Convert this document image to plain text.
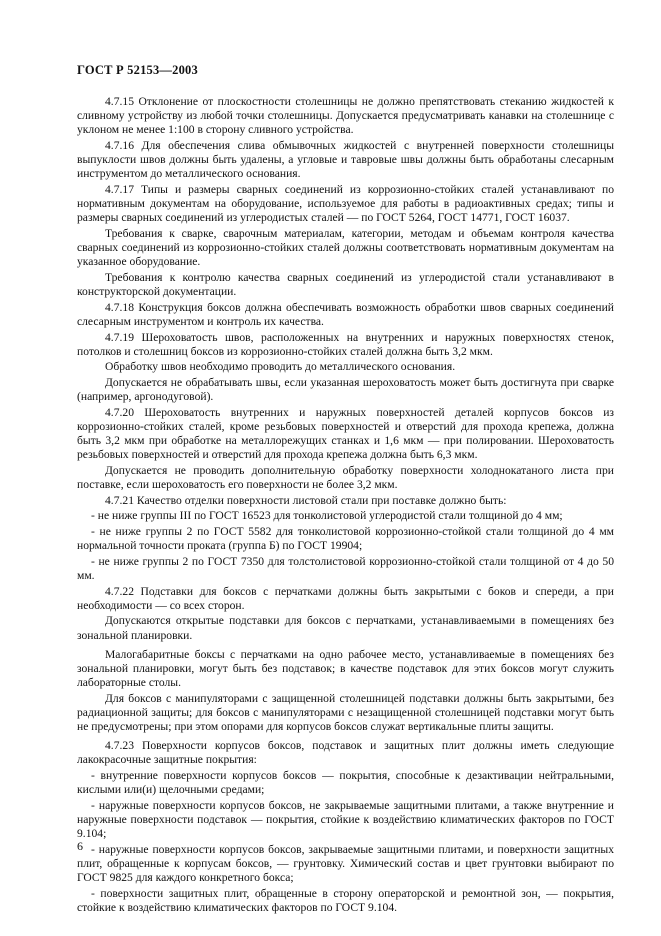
ГОСТ Р 52153—2003

4.7.15 Отклонение от плоскостности столешницы не должно препятствовать стеканию жидкостей к сливному устройству из любой точки столешницы. Допускается предусматривать канавки на столешнице с уклоном не менее 1:100 в сторону сливного устройства.

4.7.16 Для обеспечения слива обмывочных жидкостей с внутренней поверхности столешницы выпуклости швов должны быть удалены, а угловые и тавровые швы должны быть обработаны слесарным инструментом до металлического основания.

4.7.17 Типы и размеры сварных соединений из коррозионно-стойких сталей устанавливают по нормативным документам на оборудование, используемое для работы в радиоактивных средах; типы и размеры сварных соединений из углеродистых сталей — по ГОСТ 5264, ГОСТ 14771, ГОСТ 16037.

Требования к сварке, сварочным материалам, категории, методам и объемам контроля качества сварных соединений из коррозионно-стойких сталей должны соответствовать нормативным документам на указанное оборудование.

Требования к контролю качества сварных соединений из углеродистой стали устанавливают в конструкторской документации.

4.7.18 Конструкция боксов должна обеспечивать возможность обработки швов сварных соединений слесарным инструментом и контроль их качества.

4.7.19 Шероховатость швов, расположенных на внутренних и наружных поверхностях стенок, потолков и столешниц боксов из коррозионно-стойких сталей должна быть 3,2 мкм.

Обработку швов необходимо проводить до металлического основания.

Допускается не обрабатывать швы, если указанная шероховатость может быть достигнута при сварке (например, аргонодуговой).

4.7.20 Шероховатость внутренних и наружных поверхностей деталей корпусов боксов из коррозионно-стойких сталей, кроме резьбовых поверхностей и отверстий для прохода крепежа, должна быть 3,2 мкм при обработке на металлорежущих станках и 1,6 мкм — при полировании. Шероховатость резьбовых поверхностей и отверстий для прохода крепежа должна быть 6,3 мкм.

Допускается не проводить дополнительную обработку поверхности холоднокатаного листа при поставке, если шероховатость его поверхности не более 3,2 мкм.

4.7.21 Качество отделки поверхности листовой стали при поставке должно быть:

- не ниже группы III по ГОСТ 16523 для тонколистовой углеродистой стали толщиной до 4 мм;

- не ниже группы 2 по ГОСТ 5582 для тонколистовой коррозионно-стойкой стали толщиной до 4 мм нормальной точности проката (группа Б) по ГОСТ 19904;

- не ниже группы 2 по ГОСТ 7350 для толстолистовой коррозионно-стойкой стали толщиной от 4 до 50 мм.

4.7.22 Подставки для боксов с перчатками должны быть закрытыми с боков и спереди, а при необходимости — со всех сторон.

Допускаются открытые подставки для боксов с перчатками, устанавливаемыми в помещениях без зональной планировки.

Малогабаритные боксы с перчатками на одно рабочее место, устанавливаемые в помещениях без зональной планировки, могут быть без подставок; в качестве подставок для этих боксов могут служить лабораторные столы.

Для боксов с манипуляторами с защищенной столешницей подставки должны быть закрытыми, без радиационной защиты; для боксов с манипуляторами с незащищенной столешницей подставки могут быть не предусмотрены; при этом опорами для корпусов боксов служат вертикальные плиты защиты.

4.7.23 Поверхности корпусов боксов, подставок и защитных плит должны иметь следующие лакокрасочные защитные покрытия:

- внутренние поверхности корпусов боксов — покрытия, способные к дезактивации нейтральными, кислыми или(и) щелочными средами;

- наружные поверхности корпусов боксов, не закрываемые защитными плитами, а также внутренние и наружные поверхности подставок — покрытия, стойкие к воздействию климатических факторов по ГОСТ 9.104;

- наружные поверхности корпусов боксов, закрываемые защитными плитами, и поверхности защитных плит, обращенные к корпусам боксов, — грунтовку. Химический состав и цвет грунтовки выбирают по ГОСТ 9825 для каждого конкретного бокса;

- поверхности защитных плит, обращенные в сторону операторской и ремонтной зон, — покрытия, стойкие к воздействию климатических факторов по ГОСТ 9.104.

6
